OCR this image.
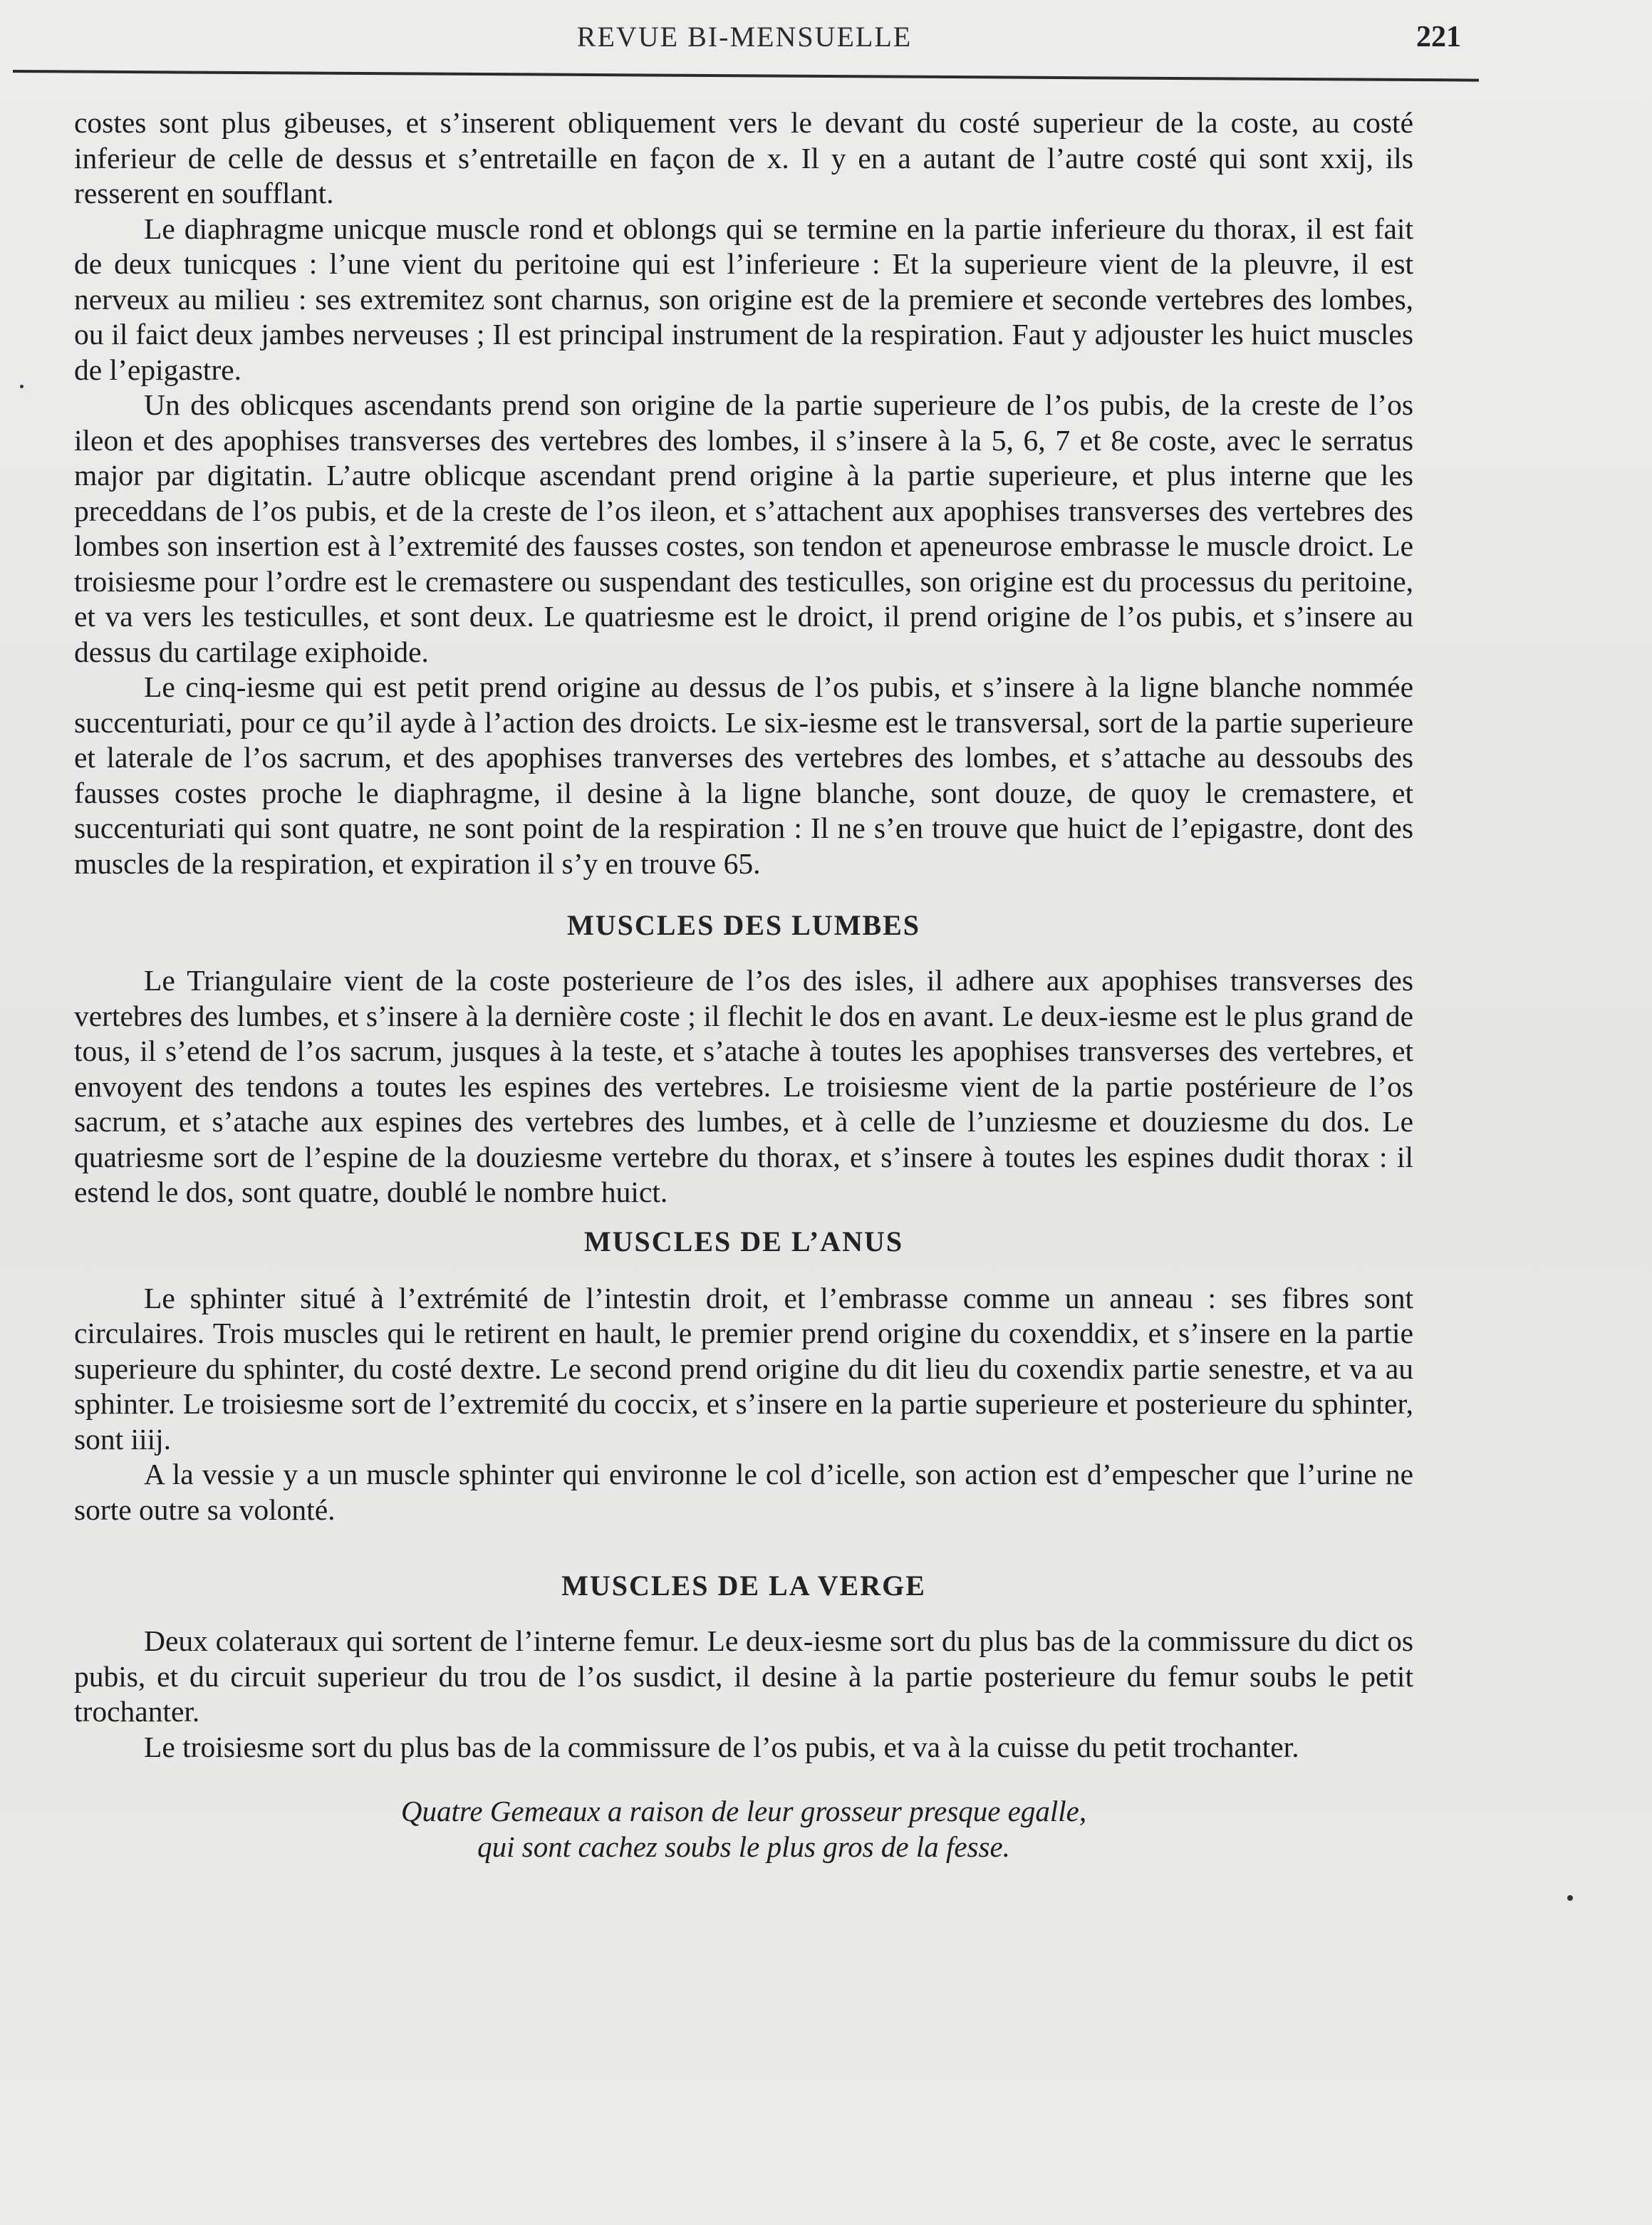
REVUE BI-MENSUELLE	221

costes sont plus gibeuses, et s’inserent obliquement vers le devant du costé superieur de la coste, au costé inferieur de celle de dessus et s’entretaille en façon de x. Il y en a autant de l’autre costé qui sont xxij, ils resserent en soufflant.

Le diaphragme unicque muscle rond et oblongs qui se termine en la partie inferieure du thorax, il est fait de deux tunicques : l’une vient du peritoine qui est l’inferieure : Et la superieure vient de la pleuvre, il est nerveux au milieu : ses extremitez sont charnus, son origine est de la premiere et seconde vertebres des lombes, ou il faict deux jambes nerveuses ; Il est principal instrument de la respiration. Faut y adjouster les huict muscles de l’epigastre.

Un des oblicques ascendants prend son origine de la partie superieure de l’os pubis, de la creste de l’os ileon et des apophises transverses des vertebres des lombes, il s’insere à la 5, 6, 7 et 8e coste, avec le serratus major par digitatin. L’autre oblicque ascendant prend origine à la partie superieure, et plus interne que les preceddans de l’os pubis, et de la creste de l’os ileon, et s’attachent aux apophises transverses des vertebres des lombes son insertion est à l’extremité des fausses costes, son tendon et apeneurose embrasse le muscle droict. Le troisiesme pour l’ordre est le cremastere ou suspendant des testiculles, son origine est du processus du peritoine, et va vers les testiculles, et sont deux. Le quatriesme est le droict, il prend origine de l’os pubis, et s’insere au dessus du cartilage exiphoide.

Le cinq-iesme qui est petit prend origine au dessus de l’os pubis, et s’insere à la ligne blanche nommée succenturiati, pour ce qu’il ayde à l’action des droicts. Le six-iesme est le transversal, sort de la partie superieure et laterale de l’os sacrum, et des apophises tranverses des vertebres des lombes, et s’attache au dessoubs des fausses costes proche le diaphragme, il desine à la ligne blanche, sont douze, de quoy le cremastere, et succenturiati qui sont quatre, ne sont point de la respiration : Il ne s’en trouve que huict de l’epigastre, dont des muscles de la respiration, et expiration il s’y en trouve 65.

MUSCLES DES LUMBES

Le Triangulaire vient de la coste posterieure de l’os des isles, il adhere aux apophises transverses des vertebres des lumbes, et s’insere à la dernière coste ; il flechit le dos en avant. Le deux-iesme est le plus grand de tous, il s’etend de l’os sacrum, jusques à la teste, et s’atache à toutes les apophises transverses des vertebres, et envoyent des tendons a toutes les espines des vertebres. Le troisiesme vient de la partie postérieure de l’os sacrum, et s’atache aux espines des vertebres des lumbes, et à celle de l’unziesme et douziesme du dos. Le quatriesme sort de l’espine de la douziesme vertebre du thorax, et s’insere à toutes les espines dudit thorax : il estend le dos, sont quatre, doublé le nombre huict.

MUSCLES DE L’ANUS

Le sphinter situé à l’extrémité de l’intestin droit, et l’embrasse comme un anneau : ses fibres sont circulaires. Trois muscles qui le retirent en hault, le premier prend origine du coxenddix, et s’insere en la partie superieure du sphinter, du costé dextre. Le second prend origine du dit lieu du coxendix partie senestre, et va au sphinter. Le troisiesme sort de l’extremité du coccix, et s’insere en la partie superieure et posterieure du sphinter, sont iiij.

A la vessie y a un muscle sphinter qui environne le col d’icelle, son action est d’empescher que l’urine ne sorte outre sa volonté.

MUSCLES DE LA VERGE

Deux colateraux qui sortent de l’interne femur. Le deux-iesme sort du plus bas de la commissure du dict os pubis, et du circuit superieur du trou de l’os susdict, il desine à la partie posterieure du femur soubs le petit trochanter.

Le troisiesme sort du plus bas de la commissure de l’os pubis, et va à la cuisse du petit trochanter.

Quatre Gemeaux a raison de leur grosseur presque egalle,
qui sont cachez soubs le plus gros de la fesse.
